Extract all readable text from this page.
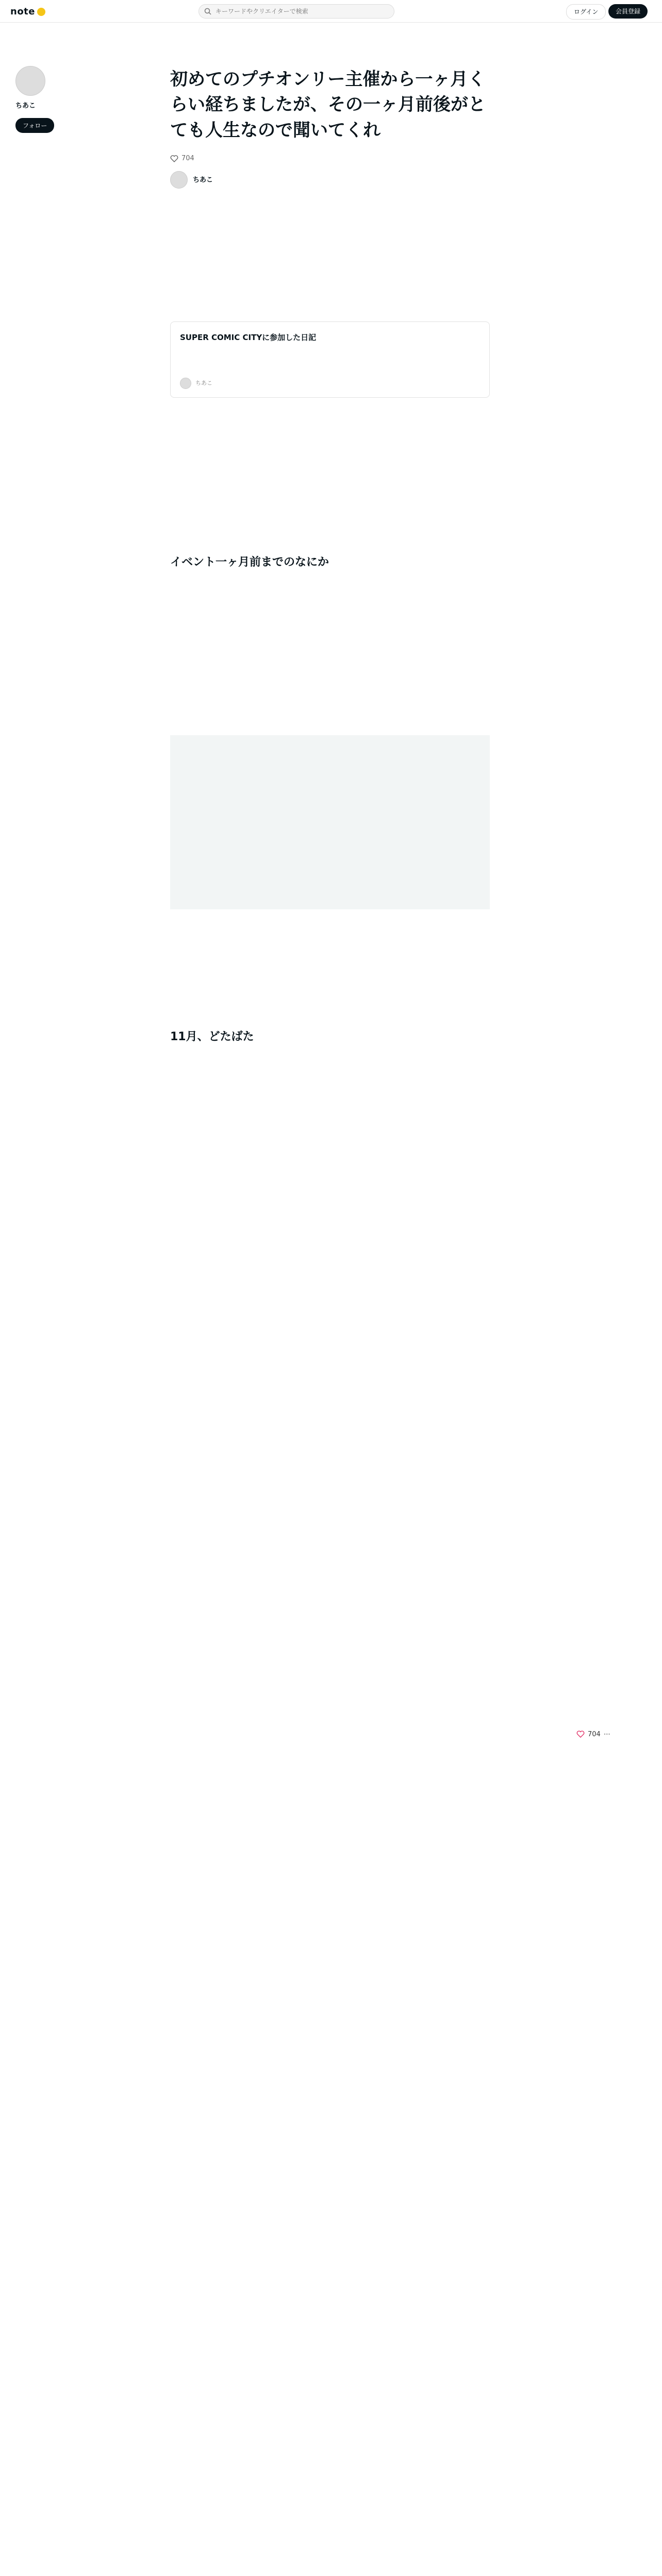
note
キーワードやクリエイターで検索	ログイン	会員登録
ちあこ
フォロー
初めてのプチオンリー主催から一ヶ月くらい経ちましたが、その一ヶ月前後がとても人生なので聞いてくれ
704
ちあこ

SUPER COMIC CITYに参加した日記
ちあこ

イベント一ヶ月前までのなにか

11月、どたばた

704 ⋯
